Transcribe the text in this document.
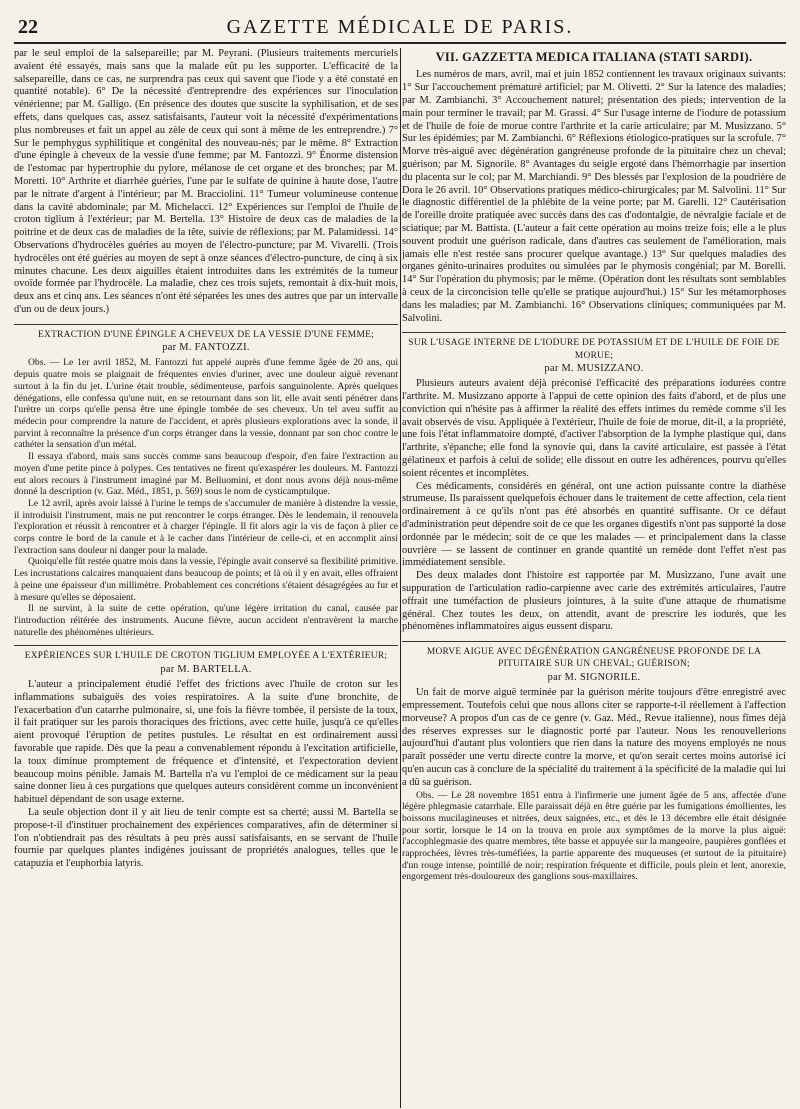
22	GAZETTE MÉDICALE DE PARIS.

par le seul emploi de la salsepareille; par M. Peyrani. (Plusieurs traitements mercuriels avaient été essayés, mais sans que la malade eût pu les supporter. L'efficacité de la salsepareille, dans ce cas, ne surprendra pas ceux qui savent que l'iode y a été constaté en quantité notable). 6° De la nécessité d'entreprendre des expériences sur l'inoculation vénérienne; par M. Galligo. (En présence des doutes que suscite la syphilisation, et de ses effets, dans quelques cas, assez satisfaisants, l'auteur voit la nécessité d'expérimentations plus nombreuses et fait un appel au zèle de ceux qui sont à même de les entreprendre.) 7° Sur le pemphygus syphilitique et congénital des nouveau-nés; par le même. 8° Extraction d'une épingle à cheveux de la vessie d'une femme; par M. Fantozzi. 9° Énorme distension de l'estomac par hypertrophie du pylore, mélanose de cet organe et des bronches; par M. Moretti. 10° Arthrite et diarrhée guéries, l'une par le sulfate de quinine à haute dose, l'autre par le nitrate d'argent à l'intérieur; par M. Bracciolini. 11° Tumeur volumineuse contenue dans la cavité abdominale; par M. Michelacci. 12° Expériences sur l'emploi de l'huile de croton tiglium à l'extérieur; par M. Bertella. 13° Histoire de deux cas de maladies de la poitrine et de deux cas de maladies de la tête, suivie de réflexions; par M. Palamidessi. 14° Observations d'hydrocèles guéries au moyen de l'électro-puncture; par M. Vivarelli. (Trois hydrocèles ont été guéries au moyen de sept à onze séances d'électro-puncture, de cinq à six minutes chacune. Les deux aiguilles étaient introduites dans les extrémités de la tumeur ovoïde formée par l'hydrocèle. La maladie, chez ces trois sujets, remontait à dix-huit mois, deux ans et cinq ans. Les séances n'ont été séparées les unes des autres que par un intervalle d'un ou de deux jours.)

EXTRACTION D'UNE ÉPINGLE A CHEVEUX DE LA VESSIE D'UNE FEMME;
par M. FANTOZZI.

Obs. — Le 1er avril 1852, M. Fantozzi fut appelé auprès d'une femme âgée de 20 ans, qui depuis quatre mois se plaignait de fréquentes envies d'uriner, avec une douleur aiguë revenant surtout à la fin du jet. L'urine était trouble, sédimenteuse, parfois sanguinolente. Après quelques dénégations, elle confessa qu'une nuit, en se retournant dans son lit, elle avait senti pénétrer dans l'urètre un corps qu'elle pensa être une épingle tombée de ses cheveux. Un tel aveu suffit au médecin pour comprendre la nature de l'accident, et après plusieurs explorations avec la sonde, il parvint à reconnaître la présence d'un corps étranger dans la vessie, donnant par son choc contre le cathéter la sensation d'un métal.

Il essaya d'abord, mais sans succès comme sans beaucoup d'espoir, d'en faire l'extraction au moyen d'une petite pince à polypes. Ces tentatives ne firent qu'exaspérer les douleurs. M. Fantozzi eut alors recours à l'instrument imaginé par M. Belluomini, et dont nous avons déjà nous-même donné la description (v. Gaz. Méd., 1851, p. 569) sous le nom de cysticamptulque.

Le 12 avril, après avoir laissé à l'urine le temps de s'accumuler de manière à distendre la vessie, il introduisit l'instrument, mais ne put rencontrer le corps étranger. Dès le lendemain, il renouvela l'exploration et réussit à rencontrer et à charger l'épingle. Il fit alors agir la vis de façon à plier ce corps contre le bord de la canule et à le cacher dans l'intérieur de celle-ci, et en accomplit ainsi l'extraction sans douleur ni danger pour la malade.

Quoiqu'elle fût restée quatre mois dans la vessie, l'épingle avait conservé sa flexibilité primitive. Les incrustations calcaires manquaient dans beaucoup de points; et là où il y en avait, elles offraient à peine une épaisseur d'un millimètre. Probablement ces concrétions s'étaient désagrégées au fur et à mesure qu'elles se déposaient.

Il ne survint, à la suite de cette opération, qu'une légère irritation du canal, causée par l'introduction réitérée des instruments. Aucune fièvre, aucun accident n'entravèrent la marche naturelle des phénomènes ultérieurs.

EXPÉRIENCES SUR L'HUILE DE CROTON TIGLIUM EMPLOYÉE A L'EXTÉRIEUR;
par M. BARTELLA.

L'auteur a principalement étudié l'effet des frictions avec l'huile de croton sur les inflammations subaiguës des voies respiratoires. A la suite d'une bronchite, de l'exacerbation d'un catarrhe pulmonaire, si, une fois la fièvre tombée, il persiste de la toux, il fait pratiquer sur les parois thoraciques des frictions, avec cette huile, jusqu'à ce qu'elles aient provoqué l'éruption de petites pustules. Le résultat en est ordinairement aussi favorable que rapide. Dès que la peau a convenablement répondu à l'excitation artificielle, la toux diminue promptement de fréquence et d'intensité, et l'expectoration devient beaucoup moins pénible. Jamais M. Bartella n'a vu l'emploi de ce médicament sur la peau saine donner lieu à ces purgations que quelques auteurs considèrent comme un inconvénient habituel dépendant de son usage externe.

La seule objection dont il y ait lieu de tenir compte est sa cherté; aussi M. Bartella se propose-t-il d'instituer prochainement des expériences comparatives, afin de déterminer si l'on n'obtiendrait pas des résultats à peu près aussi satisfaisants, en se servant de l'huile fournie par quelques plantes indigènes jouissant de propriétés analogues, telles que le catapuzia et l'euphorbia latyris.

VII. GAZZETTA MEDICA ITALIANA (STATI SARDI).

Les numéros de mars, avril, mai et juin 1852 contiennent les travaux originaux suivants: 1° Sur l'accouchement prématuré artificiel; par M. Olivetti. 2° Sur la latence des maladies; par M. Zambianchi. 3° Accouchement naturel; présentation des pieds; intervention de la main pour terminer le travail; par M. Grassi. 4° Sur l'usage interne de l'iodure de potassium et de l'huile de foie de morue contre l'arthrite et la carie articulaire; par M. Musizzano. 5° Sur les épidémies; par M. Zambianchi. 6° Réflexions étiologico-pratiques sur la scrofule. 7° Morve très-aiguë avec dégénération gangréneuse profonde de la pituitaire chez un cheval; guérison; par M. Signorile. 8° Avantages du seigle ergoté dans l'hémorrhagie par insertion du placenta sur le col; par M. Marchiandi. 9° Des blessés par l'explosion de la poudrière de Dora le 26 avril. 10° Observations pratiques médico-chirurgicales; par M. Salvolini. 11° Sur le diagnostic différentiel de la phlébite de la veine porte; par M. Garelli. 12° Cautérisation de l'oreille droite pratiquée avec succès dans des cas d'odontalgie, de névralgie faciale et de sciatique; par M. Battista. (L'auteur a fait cette opération au moins treize fois; elle a le plus souvent produit une guérison radicale, dans d'autres cas seulement de l'amélioration, mais jamais elle n'est restée sans procurer quelque avantage.) 13° Sur quelques maladies des organes génito-urinaires produites ou simulées par le phymosis congénial; par M. Borelli. 14° Sur l'opération du phymosis; par le même. (Opération dont les résultats sont semblables à ceux de la circoncision telle qu'elle se pratique aujourd'hui.) 15° Sur les métamorphoses dans les maladies; par M. Zambianchi. 16° Observations cliniques; communiquées par M. Salvolini.

SUR L'USAGE INTERNE DE L'IODURE DE POTASSIUM ET DE L'HUILE DE FOIE DE MORUE;
par M. MUSIZZANO.

Plusieurs auteurs avaient déjà préconisé l'efficacité des préparations iodurées contre l'arthrite. M. Musizzano apporte à l'appui de cette opinion des faits d'abord, et de plus une conviction qui n'hésite pas à affirmer la réalité des effets intimes du remède comme s'il les avait observés de visu. Appliquée à l'extérieur, l'huile de foie de morue, dit-il, a la propriété, une fois l'état inflammatoire dompté, d'activer l'absorption de la lymphe plastique qui, dans l'arthrite, s'épanche; elle fond la synovie qui, dans la cavité articulaire, est passée à l'état gélatineux et parfois à celui de solide; elle dissout en outre les adhérences, pourvu qu'elles soient récentes et incomplètes.

Ces médicaments, considérés en général, ont une action puissante contre la diathèse strumeuse. Ils paraissent quelquefois échouer dans le traitement de cette affection, cela tient ordinairement à ce qu'ils n'ont pas été absorbés en quantité suffisante. Or ce défaut d'administration peut dépendre soit de ce que les organes digestifs n'ont pas supporté la dose ordonnée par le médecin; soit de ce que les malades — et principalement dans la classe ouvrière — se lassent de continuer en grande quantité un remède dont l'effet n'est pas immédiatement sensible.

Des deux malades dont l'histoire est rapportée par M. Musizzano, l'une avait une suppuration de l'articulation radio-carpienne avec carie des extrémités articulaires, l'autre offrait une tuméfaction de plusieurs jointures, à la suite d'une attaque de rhumatisme général. Chez toutes les deux, on attendit, avant de prescrire les iodurés, que les phénomènes inflammatoires aigus eussent disparu.

MORVE AIGUE AVEC DÉGÉNÉRATION GANGRÉNEUSE PROFONDE DE LA PITUITAIRE SUR UN CHEVAL; GUÉRISON;
par M. SIGNORILE.

Un fait de morve aiguë terminée par la guérison mérite toujours d'être enregistré avec empressement. Toutefois celui que nous allons citer se rapporte-t-il réellement à l'affection morveuse? A propos d'un cas de ce genre (v. Gaz. Méd., Revue italienne), nous fîmes déjà des réserves expresses sur le diagnostic porté par l'auteur. Nous les renouvellerions aujourd'hui d'autant plus volontiers que rien dans la nature des moyens employés ne nous paraît posséder une vertu directe contre la morve, et qu'on serait certes moins autorisé ici qu'en aucun cas à conclure de la spécialité du traitement à la spécificité de la maladie qui lui a dû sa guérison.

Obs. — Le 28 novembre 1851 entra à l'infirmerie une jument âgée de 5 ans, affectée d'une légère phlegmasie catarrhale. Elle paraissait déjà en être guérie par les fumigations émollientes, les boissons mucilagineuses et nitrées, deux saignées, etc., et dès le 13 décembre elle était désignée pour sortir, lorsque le 14 on la trouva en proie aux symptômes de la morve la plus aiguë: l'accophlegmasie des quatre membres, tête basse et appuyée sur la mangeoire, paupières gonflées et rapprochées, lèvres très-tuméfiées, la partie apparente des muqueuses (et surtout de la pituitaire) d'un rouge intense, pointillé de noir; respiration fréquente et difficile, pouls plein et lent, anorexie, engorgement très-douloureux des ganglions sous-maxillaires.
